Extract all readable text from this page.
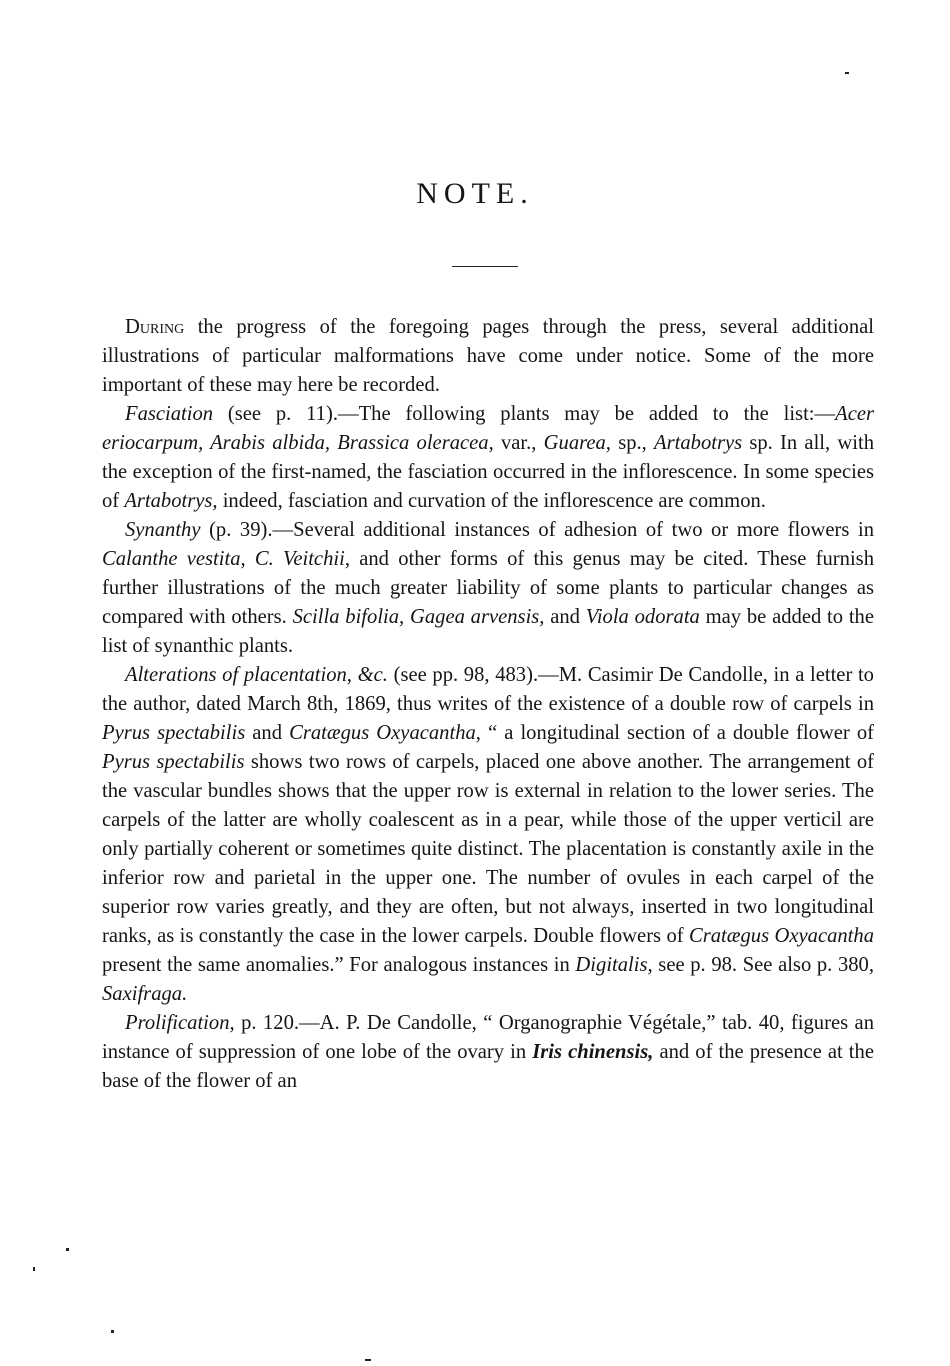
NOTE.

During the progress of the foregoing pages through the press, several additional illustrations of particular malformations have come under notice. Some of the more important of these may here be recorded.

Fasciation (see p. 11).—The following plants may be added to the list:—Acer eriocarpum, Arabis albida, Brassica oleracea, var., Guarea, sp., Artabotrys sp. In all, with the exception of the first-named, the fasciation occurred in the inflorescence. In some species of Artabotrys, indeed, fasciation and curvation of the inflorescence are common.

Synanthy (p. 39).—Several additional instances of adhesion of two or more flowers in Calanthe vestita, C. Veitchii, and other forms of this genus may be cited. These furnish further illustrations of the much greater liability of some plants to particular changes as compared with others. Scilla bifolia, Gagea arvensis, and Viola odorata may be added to the list of synanthic plants.

Alterations of placentation, &c. (see pp. 98, 483).—M. Casimir De Candolle, in a letter to the author, dated March 8th, 1869, thus writes of the existence of a double row of carpels in Pyrus spectabilis and Cratægus Oxyacantha, “ a longitudinal section of a double flower of Pyrus spectabilis shows two rows of carpels, placed one above another. The arrangement of the vascular bundles shows that the upper row is external in relation to the lower series. The carpels of the latter are wholly coalescent as in a pear, while those of the upper verticil are only partially coherent or sometimes quite distinct. The placentation is constantly axile in the inferior row and parietal in the upper one. The number of ovules in each carpel of the superior row varies greatly, and they are often, but not always, inserted in two longitudinal ranks, as is constantly the case in the lower carpels. Double flowers of Cratægus Oxyacantha present the same anomalies.” For analogous instances in Digitalis, see p. 98. See also p. 380, Saxifraga.

Prolification, p. 120.—A. P. De Candolle, “ Organographie Végétale,” tab. 40, figures an instance of suppression of one lobe of the ovary in Iris chinensis, and of the presence at the base of the flower of an
